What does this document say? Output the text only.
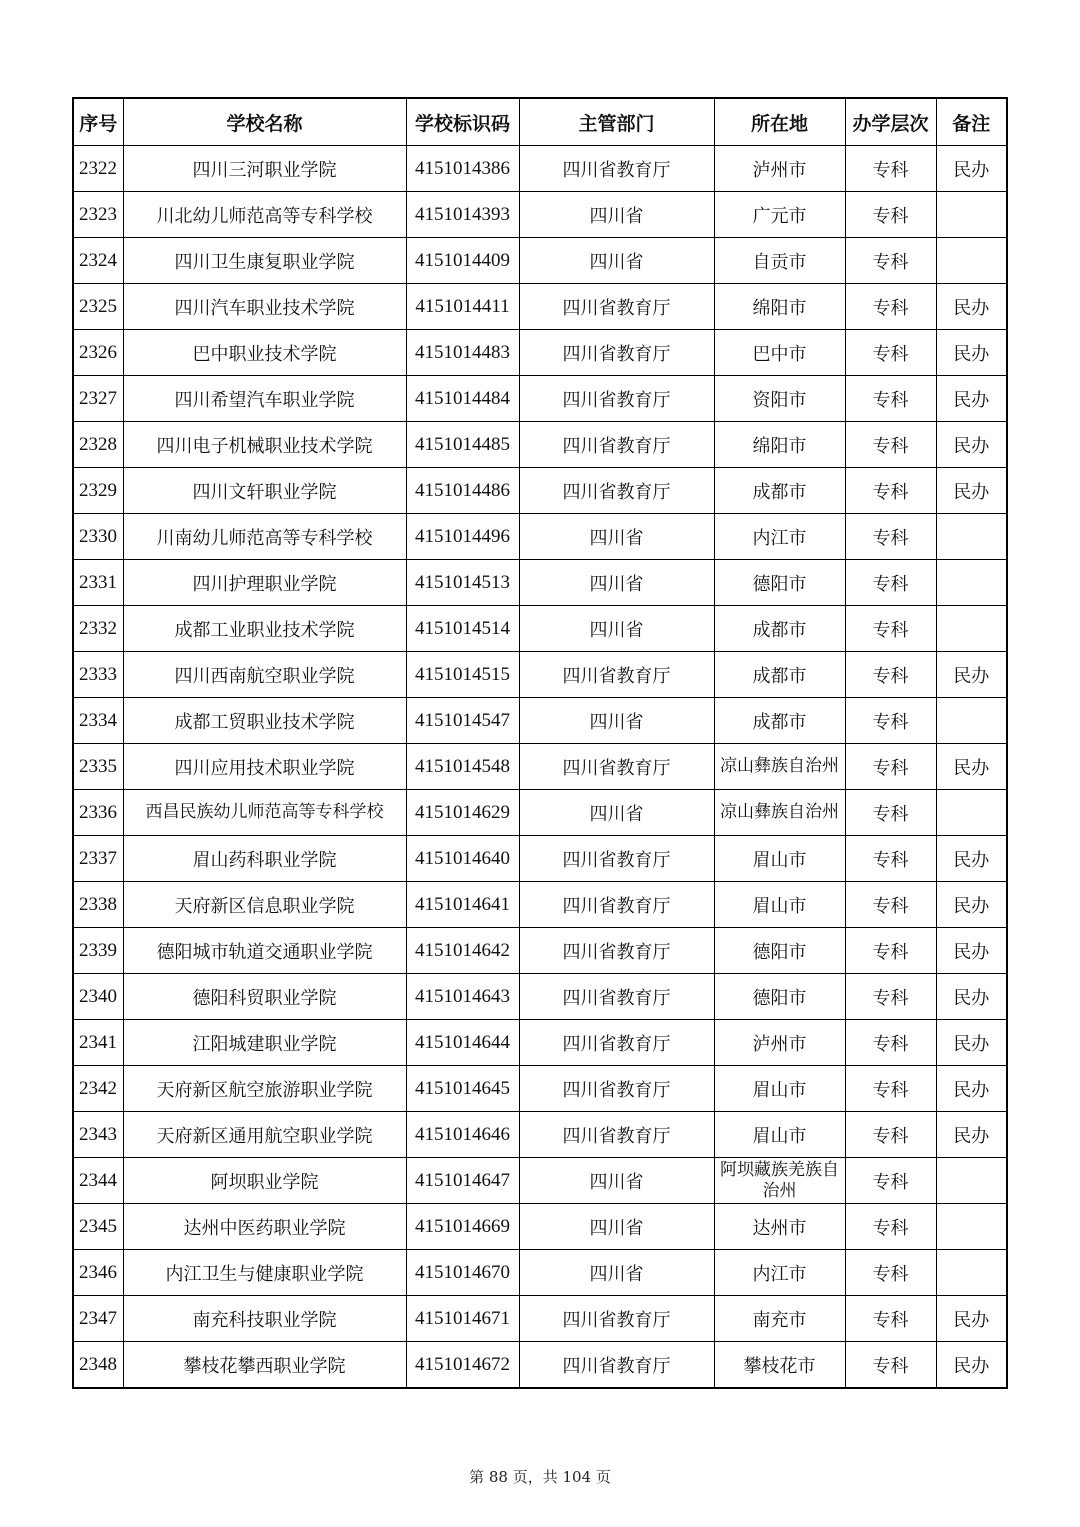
序号	学校名称	学校标识码	主管部门	所在地	办学层次	备注
2322	四川三河职业学院	4151014386	四川省教育厅	泸州市	专科	民办
2323	川北幼儿师范高等专科学校	4151014393	四川省	广元市	专科	
2324	四川卫生康复职业学院	4151014409	四川省	自贡市	专科	
2325	四川汽车职业技术学院	4151014411	四川省教育厅	绵阳市	专科	民办
2326	巴中职业技术学院	4151014483	四川省教育厅	巴中市	专科	民办
2327	四川希望汽车职业学院	4151014484	四川省教育厅	资阳市	专科	民办
2328	四川电子机械职业技术学院	4151014485	四川省教育厅	绵阳市	专科	民办
2329	四川文轩职业学院	4151014486	四川省教育厅	成都市	专科	民办
2330	川南幼儿师范高等专科学校	4151014496	四川省	内江市	专科	
2331	四川护理职业学院	4151014513	四川省	德阳市	专科	
2332	成都工业职业技术学院	4151014514	四川省	成都市	专科	
2333	四川西南航空职业学院	4151014515	四川省教育厅	成都市	专科	民办
2334	成都工贸职业技术学院	4151014547	四川省	成都市	专科	
2335	四川应用技术职业学院	4151014548	四川省教育厅	凉山彝族自治州	专科	民办
2336	西昌民族幼儿师范高等专科学校	4151014629	四川省	凉山彝族自治州	专科	
2337	眉山药科职业学院	4151014640	四川省教育厅	眉山市	专科	民办
2338	天府新区信息职业学院	4151014641	四川省教育厅	眉山市	专科	民办
2339	德阳城市轨道交通职业学院	4151014642	四川省教育厅	德阳市	专科	民办
2340	德阳科贸职业学院	4151014643	四川省教育厅	德阳市	专科	民办
2341	江阳城建职业学院	4151014644	四川省教育厅	泸州市	专科	民办
2342	天府新区航空旅游职业学院	4151014645	四川省教育厅	眉山市	专科	民办
2343	天府新区通用航空职业学院	4151014646	四川省教育厅	眉山市	专科	民办
2344	阿坝职业学院	4151014647	四川省	阿坝藏族羌族自治州	专科	
2345	达州中医药职业学院	4151014669	四川省	达州市	专科	
2346	内江卫生与健康职业学院	4151014670	四川省	内江市	专科	
2347	南充科技职业学院	4151014671	四川省教育厅	南充市	专科	民办
2348	攀枝花攀西职业学院	4151014672	四川省教育厅	攀枝花市	专科	民办
第 88 页，共 104 页
